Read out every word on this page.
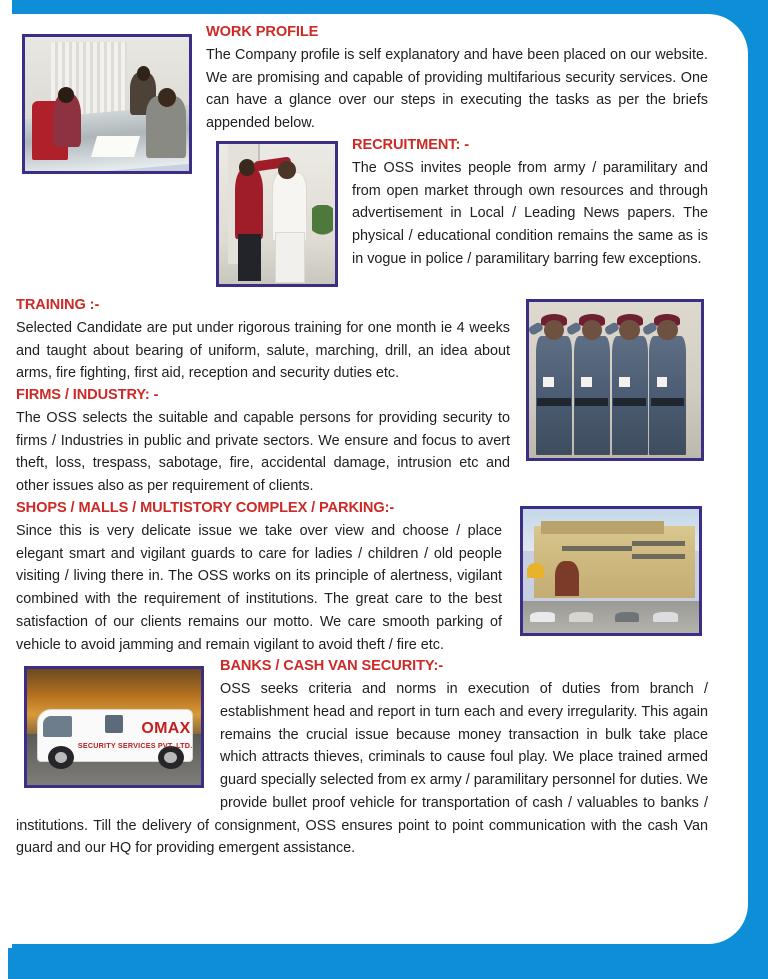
WORK PROFILE

The Company profile is self explanatory and have been placed on our website. We are promising and capable of providing multifarious security services. One can have a glance over our steps in executing the tasks as per the briefs appended below.

RECRUITMENT: -

The OSS invites people from army / paramilitary and from open market through own resources and through advertisement in Local / Leading News papers. The physical / educational condition remains the same as is in vogue in police / paramilitary barring few exceptions.

TRAINING :-

Selected Candidate are put under rigorous training for one month ie 4 weeks and taught about bearing of uniform, salute, marching, drill, an idea about arms, fire fighting, first aid, reception and security duties etc.

FIRMS / INDUSTRY: -

The OSS selects the suitable and capable persons for providing security to firms / Industries in public and private sectors. We ensure and focus to avert theft, loss, trespass, sabotage, fire, accidental damage, intrusion etc and other issues also as per requirement of clients.

SHOPS / MALLS / MULTISTORY COMPLEX / PARKING:-

Since this is very delicate issue we take over view and choose / place elegant smart and vigilant guards to care for ladies / children / old people visiting / living there in. The OSS works on its principle of alertness, vigilant combined with the requirement of institutions. The great care to the best satisfaction of our clients remains our motto. We care smooth parking of vehicle to avoid jamming and remain vigilant to avoid theft / fire etc.

OMAX
SECURITY SERVICES PVT. LTD.
BANKS / CASH VAN SECURITY:-

OSS seeks criteria and norms in execution of duties from branch / establishment head and report in turn each and every irregularity. This again remains the crucial issue because money transaction in bulk take place which attracts thieves, criminals to cause foul play. We place trained armed guard specially selected from ex army / paramilitary personnel for duties. We provide bullet proof vehicle for transportation of cash / valuables to banks / institutions. Till the delivery of consignment, OSS ensures point to point communication with the cash Van guard and our HQ for providing emergent assistance.
